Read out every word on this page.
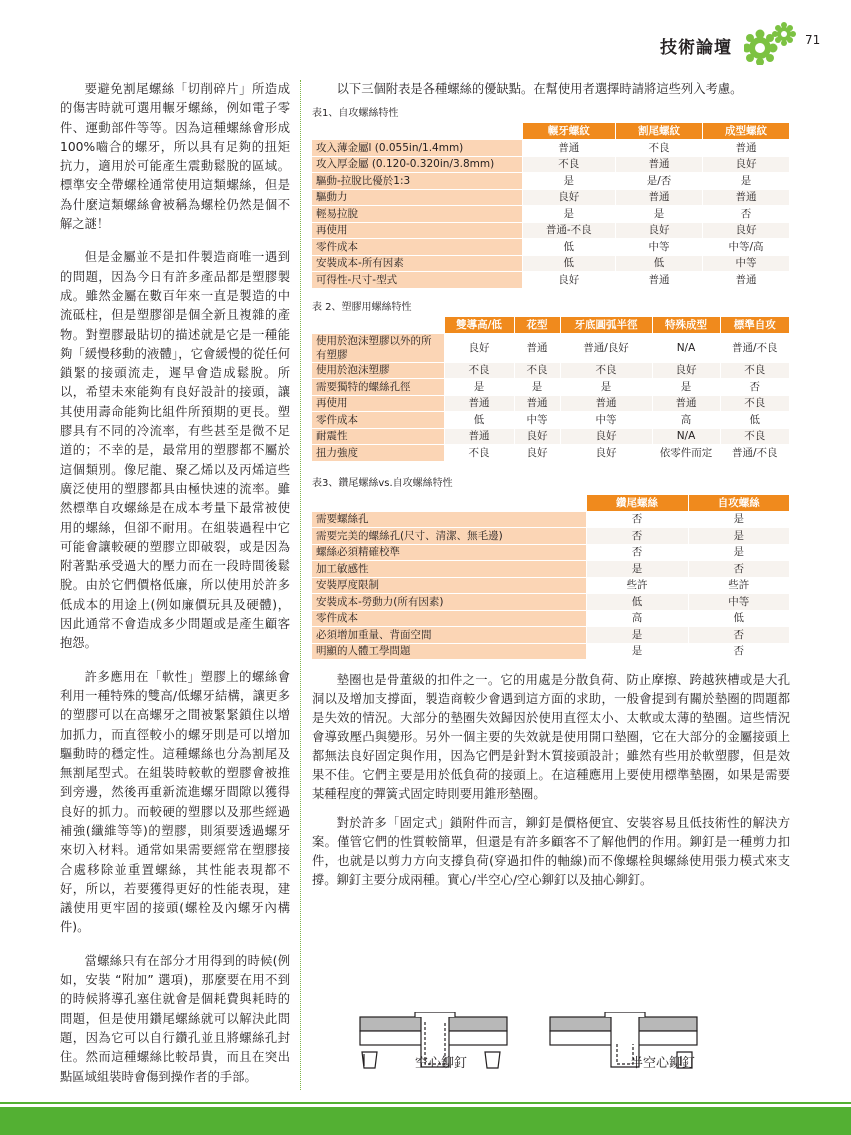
技術論壇	71

要避免割尾螺絲「切削碎片」所造成的傷害時就可選用輾牙螺絲，例如電子零件、運動部件等等。因為這種螺絲會形成100%嚙合的螺牙，所以具有足夠的扭矩抗力，適用於可能產生震動鬆脫的區域。標準安全帶螺栓通常使用這類螺絲，但是為什麼這類螺絲會被稱為螺栓仍然是個不解之謎！

但是金屬並不是扣件製造商唯一遇到的問題，因為今日有許多產品都是塑膠製成。雖然金屬在數百年來一直是製造的中流砥柱，但是塑膠卻是個全新且複雜的產物。對塑膠最貼切的描述就是它是一種能夠「緩慢移動的液體」，它會緩慢的從任何鎖緊的接頭流走，遲早會造成鬆脫。所以，希望未來能夠有良好設計的接頭，讓其使用壽命能夠比組件所預期的更長。塑膠具有不同的冷流率，有些甚至是微不足道的；不幸的是，最常用的塑膠都不屬於這個類別。像尼龍、聚乙烯以及丙烯這些廣泛使用的塑膠都具由極快速的流率。雖然標準自攻螺絲是在成本考量下最常被使用的螺絲，但卻不耐用。在組裝過程中它可能會讓較硬的塑膠立即破裂，或是因為附著點承受過大的壓力而在一段時間後鬆脫。由於它們價格低廉，所以使用於許多低成本的用途上(例如廉價玩具及硬體)，因此通常不會造成多少問題或是產生顧客抱怨。

許多應用在「軟性」塑膠上的螺絲會利用一種特殊的雙高/低螺牙結構，讓更多的塑膠可以在高螺牙之間被緊緊鎖住以增加抓力，而直徑較小的螺牙則是可以增加驅動時的穩定性。這種螺絲也分為割尾及無割尾型式。在組裝時較軟的塑膠會被推到旁邊，然後再重新流進螺牙間隙以獲得良好的抓力。而較硬的塑膠以及那些經過補強(纖維等等)的塑膠，則須要透過螺牙來切入材料。通常如果需要經常在塑膠接合處移除並重置螺絲，其性能表現都不好，所以，若要獲得更好的性能表現，建議使用更牢固的接頭(螺栓及內螺牙內構件)。

當螺絲只有在部分才用得到的時候(例如，安裝 “附加” 選項)，那麼要在用不到的時候將導孔塞住就會是個耗費與耗時的問題，但是使用鑽尾螺絲就可以解決此問題，因為它可以自行鑽孔並且將螺絲孔封住。然而這種螺絲比較昂貴，而且在突出點區域組裝時會傷到操作者的手部。

以下三個附表是各種螺絲的優缺點。在幫使用者選擇時請將這些列入考慮。

表1、自攻螺絲特性

	輾牙螺紋	割尾螺紋	成型螺紋
攻入薄金屬l (0.055in/1.4mm)	普通	不良	普通
攻入厚金屬 (0.120-0.320in/3.8mm)	不良	普通	良好
驅動-拉脫比優於1:3	是	是/否	是
驅動力	良好	普通	普通
輕易拉脫	是	是	否
再使用	普通-不良	良好	良好
零件成本	低	中等	中等/高
安裝成本-所有因素	低	低	中等
可得性-尺寸-型式	良好	普通	普通

表 2、塑膠用螺絲特性

	雙導高/低	花型	牙底圓弧半徑	特殊成型	標準自攻
使用於泡沫塑膠以外的所有塑膠	良好	普通	普通/良好	N/A	普通/不良
使用於泡沫塑膠	不良	不良	不良	良好	不良
需要獨特的螺絲孔徑	是	是	是	是	否
再使用	普通	普通	普通	普通	不良
零件成本	低	中等	中等	高	低
耐震性	普通	良好	良好	N/A	不良
扭力強度	不良	良好	良好	依零件而定	普通/不良

表3、鑽尾螺絲vs.自攻螺絲特性

	鑽尾螺絲	自攻螺絲
需要螺絲孔	否	是
需要完美的螺絲孔(尺寸、清潔、無毛邊)	否	是
螺絲必須精確校準	否	是
加工敏感性	是	否
安裝厚度限制	些許	些許
安裝成本-勞動力(所有因素)	低	中等
零件成本	高	低
必須增加重量、背面空間	是	否
明顯的人體工學問題	是	否

墊圈也是骨董級的扣件之一。它的用處是分散負荷、防止摩擦、跨越狹槽或是大孔洞以及增加支撐面，製造商較少會遇到這方面的求助，一般會提到有關於墊圈的問題都是失效的情況。大部分的墊圈失效歸因於使用直徑太小、太軟或太薄的墊圈。這些情況會導致壓凸與變形。另外一個主要的失效就是使用開口墊圈，它在大部分的金屬接頭上都無法良好固定與作用，因為它們是針對木質接頭設計；雖然有些用於軟塑膠，但是效果不佳。它們主要是用於低負荷的接頭上。在這種應用上要使用標準墊圈，如果是需要某種程度的彈簧式固定時則要用錐形墊圈。

對於許多「固定式」鎖附件而言，鉚釘是價格便宜、安裝容易且低技術性的解決方案。僅管它們的性質較簡單，但還是有許多顧客不了解他們的作用。鉚釘是一種剪力扣件，也就是以剪力方向支撐負荷(穿過扣件的軸線)而不像螺栓與螺絲使用張力模式來支撐。鉚釘主要分成兩種。實心/半空心/空心鉚釘以及抽心鉚釘。

空心鉚釘	半空心鉚釘
